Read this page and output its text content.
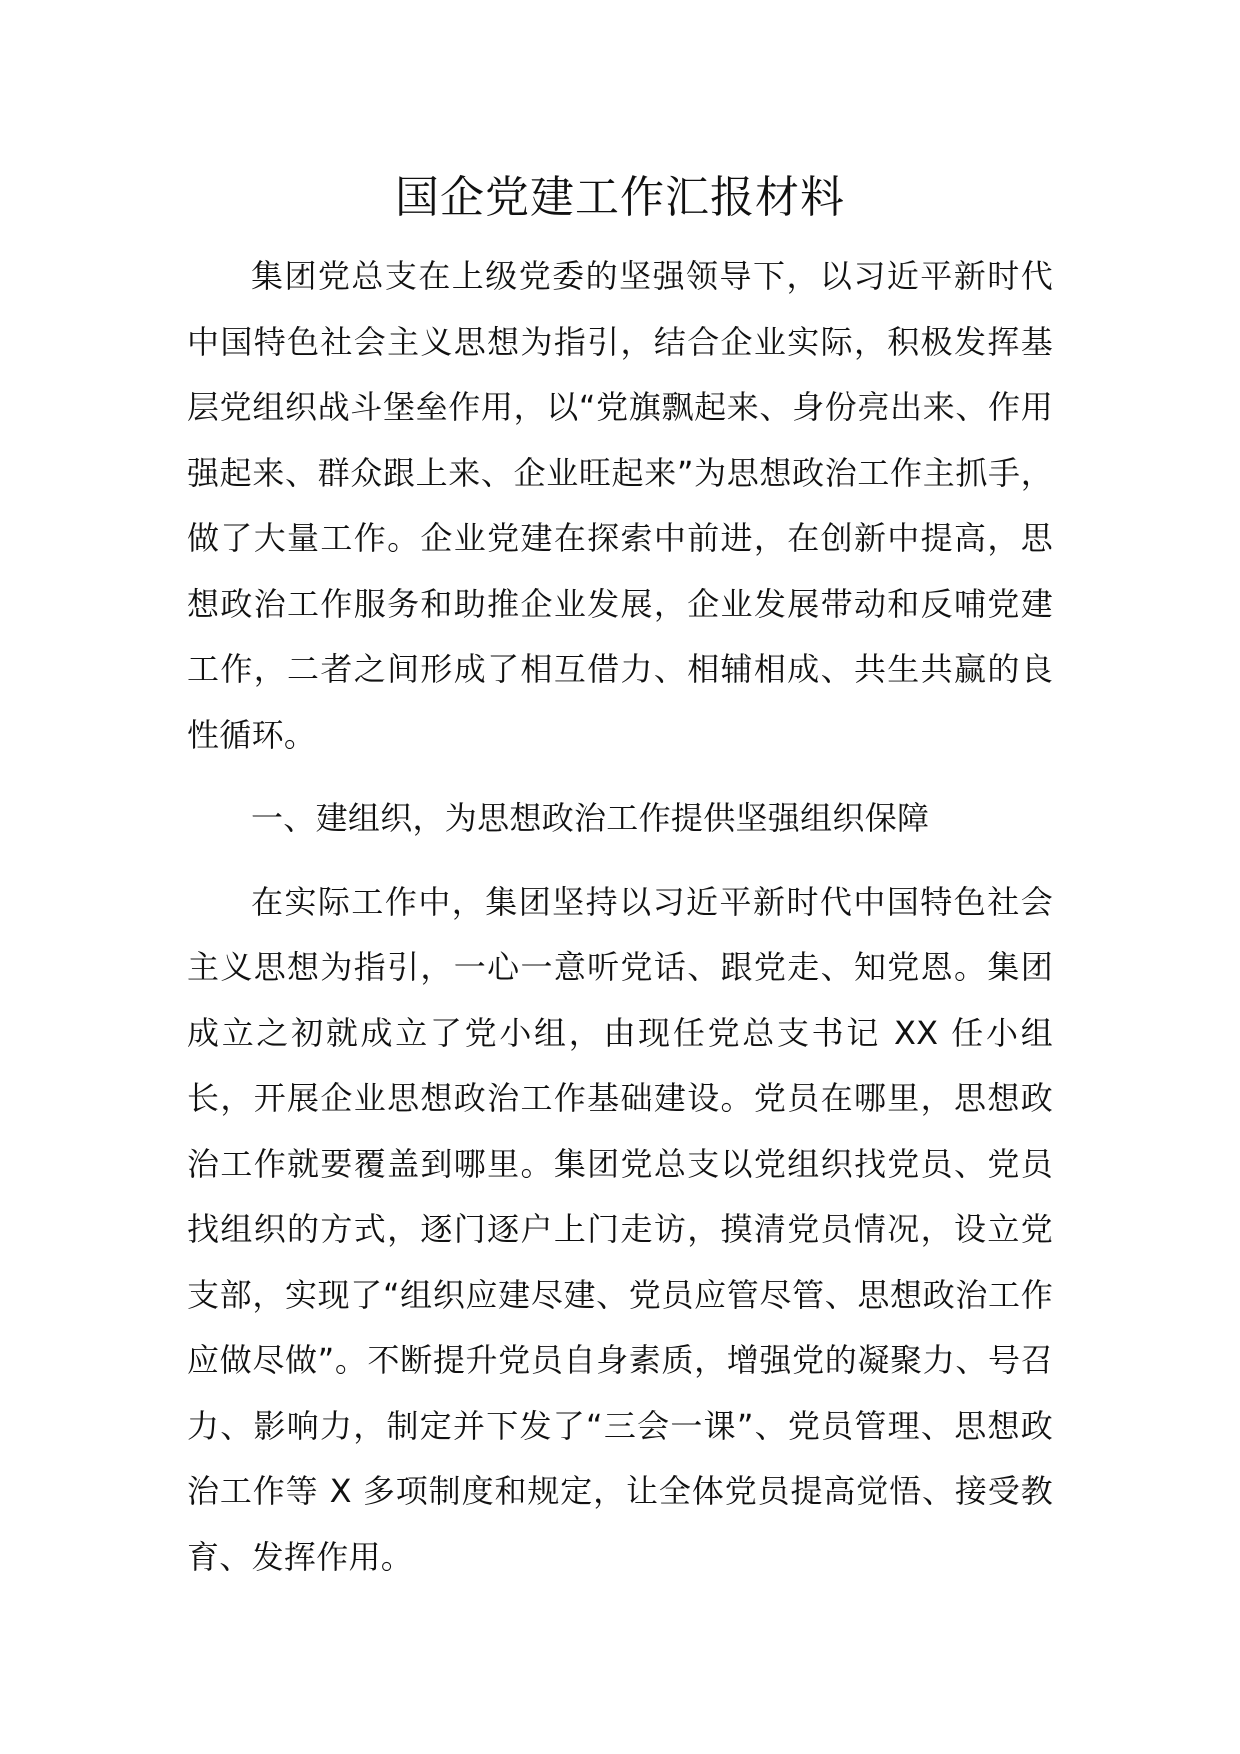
国企党建工作汇报材料

集团党总支在上级党委的坚强领导下，以习近平新时代中国特色社会主义思想为指引，结合企业实际，积极发挥基层党组织战斗堡垒作用，以“党旗飘起来、身份亮出来、作用强起来、群众跟上来、企业旺起来”为思想政治工作主抓手，做了大量工作。企业党建在探索中前进，在创新中提高，思想政治工作服务和助推企业发展，企业发展带动和反哺党建工作，二者之间形成了相互借力、相辅相成、共生共赢的良性循环。

一、建组织，为思想政治工作提供坚强组织保障

在实际工作中，集团坚持以习近平新时代中国特色社会主义思想为指引，一心一意听党话、跟党走、知党恩。集团成立之初就成立了党小组，由现任党总支书记 XX 任小组长，开展企业思想政治工作基础建设。党员在哪里，思想政治工作就要覆盖到哪里。集团党总支以党组织找党员、党员找组织的方式，逐门逐户上门走访，摸清党员情况，设立党支部，实现了“组织应建尽建、党员应管尽管、思想政治工作应做尽做”。不断提升党员自身素质，增强党的凝聚力、号召力、影响力，制定并下发了“三会一课”、党员管理、思想政治工作等 X 多项制度和规定，让全体党员提高觉悟、接受教育、发挥作用。
